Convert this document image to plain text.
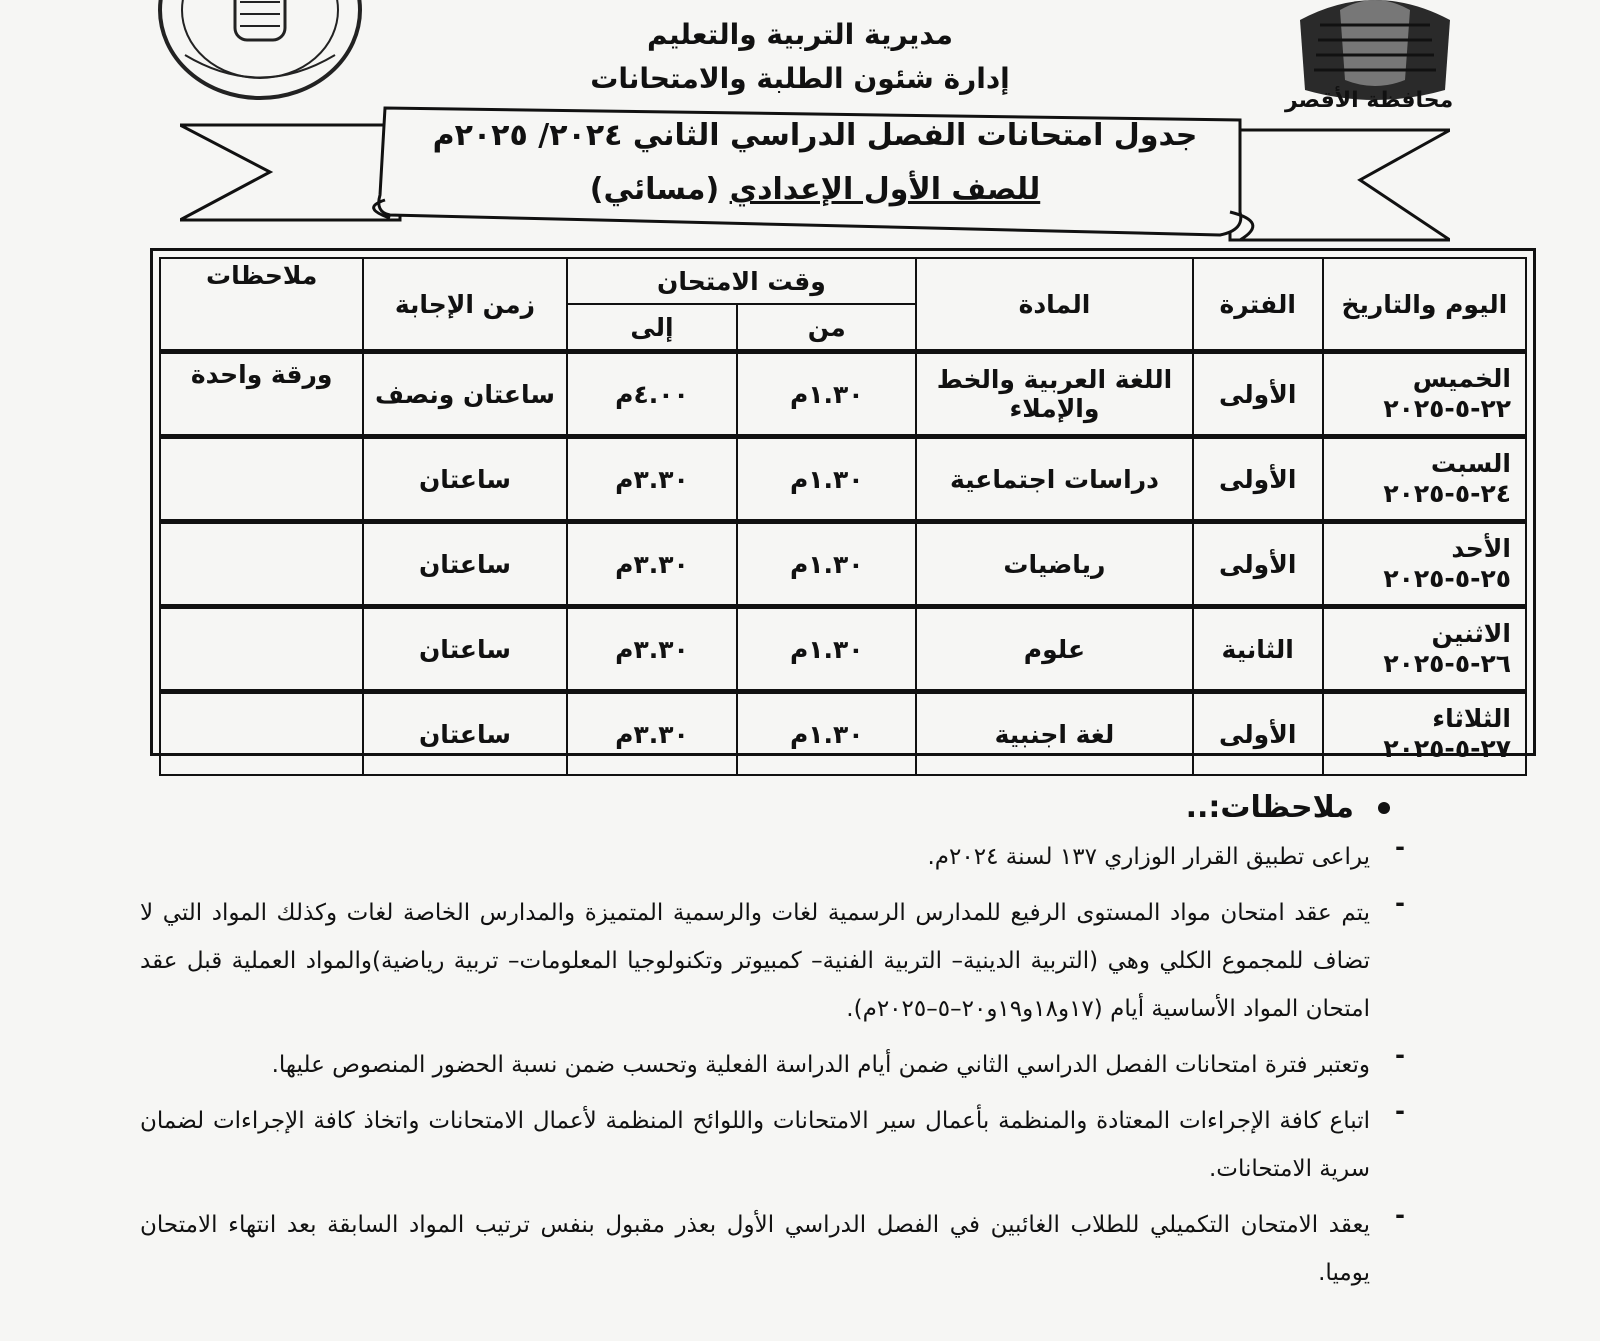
محافظة الأقصر
مديرية التربية والتعليم
إدارة شئون الطلبة والامتحانات
جدول امتحانات الفصل الدراسي الثاني ٢٠٢٤/ ٢٠٢٥م
للصف الأول الإعدادي (مسائي)
اليوم والتاريخ	الفترة	المادة	وقت الامتحان		زمن الإجابة	ملاحظات
			من	إلى		

الخميس
٢٢-٥-٢٠٢٥	الأولى	اللغة العربية والخط والإملاء	١.٣٠م	٤.٠٠م	ساعتان ونصف	ورقة واحدة

السبت
٢٤-٥-٢٠٢٥	الأولى	دراسات اجتماعية	١.٣٠م	٣.٣٠م	ساعتان	

الأحد
٢٥-٥-٢٠٢٥	الأولى	رياضيات	١.٣٠م	٣.٣٠م	ساعتان	

الاثنين
٢٦-٥-٢٠٢٥	الثانية	علوم	١.٣٠م	٣.٣٠م	ساعتان	

الثلاثاء
٢٧-٥-٢٠٢٥	الأولى	لغة اجنبية	١.٣٠م	٣.٣٠م	ساعتان	
ملاحظات:..
-
يراعى تطبيق القرار الوزاري ١٣٧ لسنة ٢٠٢٤م.
-
يتم عقد امتحان مواد المستوى الرفيع للمدارس الرسمية لغات والرسمية المتميزة والمدارس الخاصة لغات وكذلك المواد التي لا تضاف للمجموع الكلي وهي (التربية الدينية– التربية الفنية– كمبيوتر وتكنولوجيا المعلومات– تربية رياضية)والمواد العملية قبل عقد امتحان المواد الأساسية أيام (١٧و١٨و١٩و٢٠–٥–٢٠٢٥م).
-
وتعتبر فترة امتحانات الفصل الدراسي الثاني ضمن أيام الدراسة الفعلية وتحسب ضمن نسبة الحضور المنصوص عليها.
-
اتباع كافة الإجراءات المعتادة والمنظمة بأعمال سير الامتحانات واللوائح المنظمة لأعمال الامتحانات واتخاذ كافة الإجراءات لضمان سرية الامتحانات.
-
يعقد الامتحان التكميلي للطلاب الغائبين في الفصل الدراسي الأول بعذر مقبول بنفس ترتيب المواد السابقة بعد انتهاء الامتحان يوميا.
